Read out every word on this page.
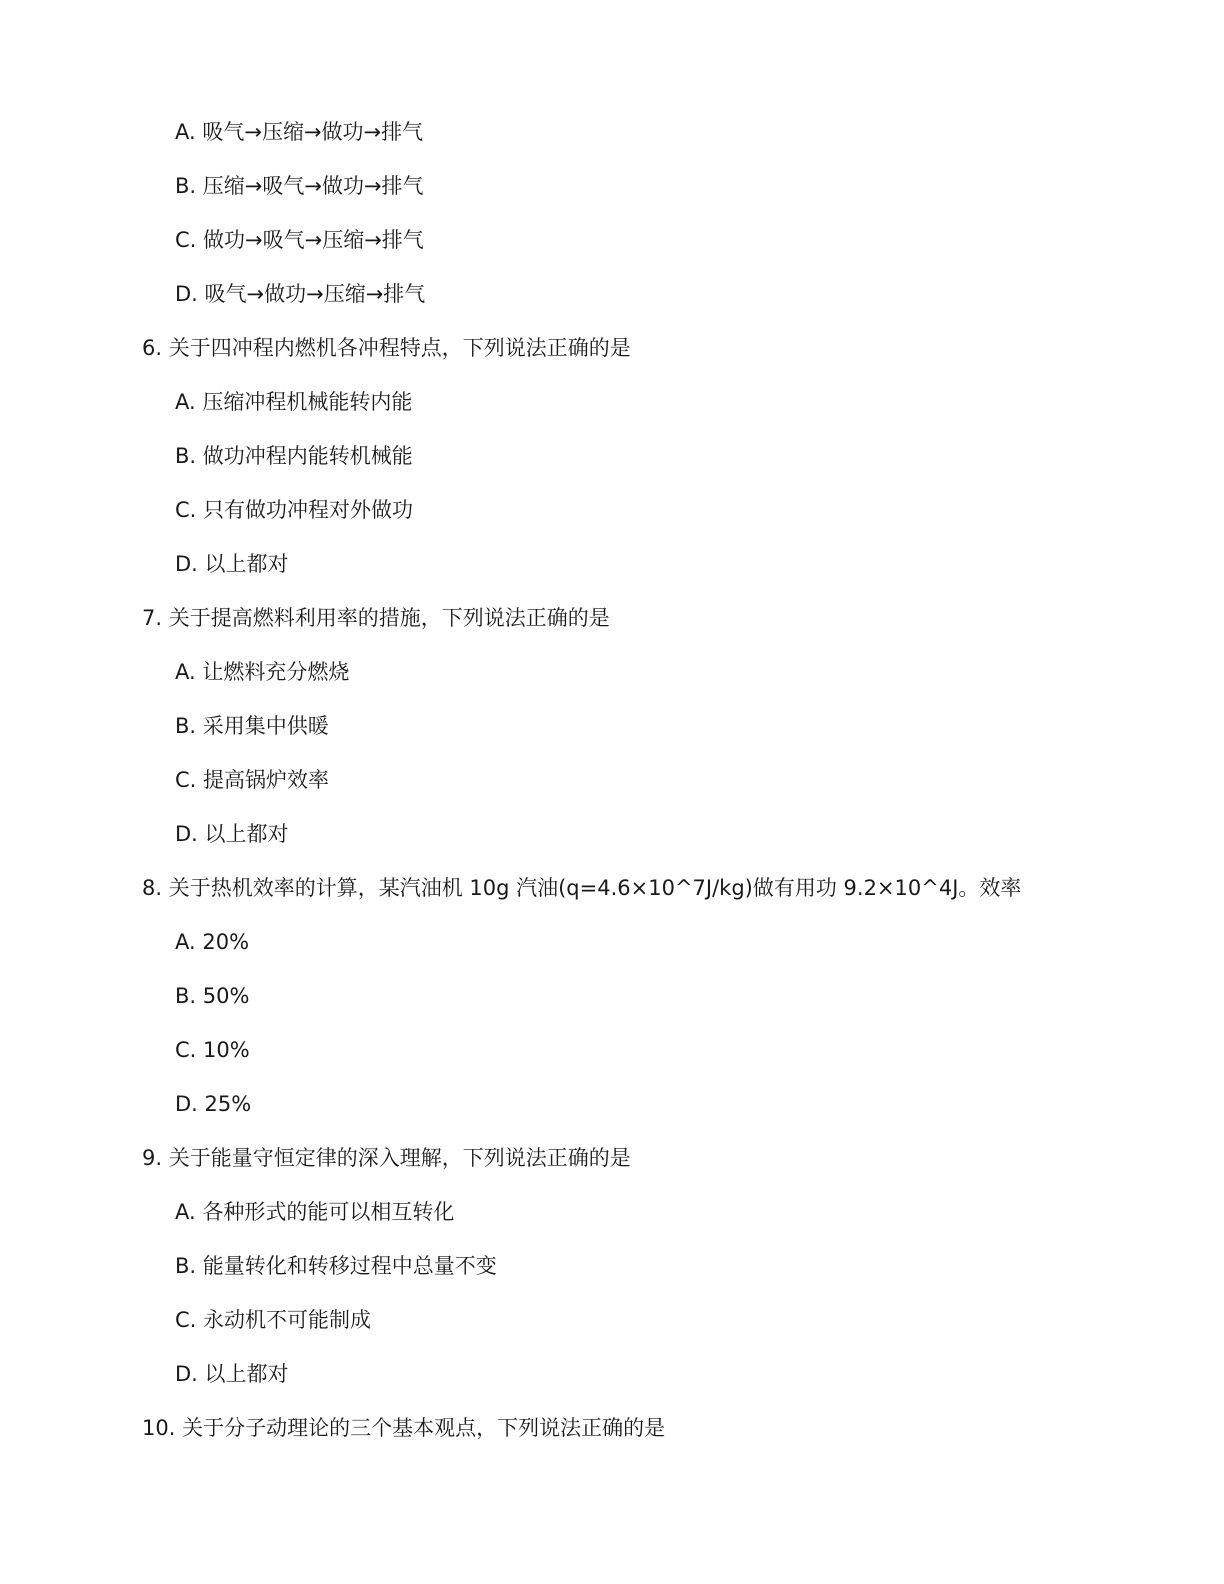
A. 吸气→压缩→做功→排气
B. 压缩→吸气→做功→排气
C. 做功→吸气→压缩→排气
D. 吸气→做功→压缩→排气
6. 关于四冲程内燃机各冲程特点，下列说法正确的是
A. 压缩冲程机械能转内能
B. 做功冲程内能转机械能
C. 只有做功冲程对外做功
D. 以上都对
7. 关于提高燃料利用率的措施，下列说法正确的是
A. 让燃料充分燃烧
B. 采用集中供暖
C. 提高锅炉效率
D. 以上都对
8. 关于热机效率的计算，某汽油机 10g 汽油(q=4.6×10^7J/kg)做有用功 9.2×10^4J。效率
A. 20%
B. 50%
C. 10%
D. 25%
9. 关于能量守恒定律的深入理解，下列说法正确的是
A. 各种形式的能可以相互转化
B. 能量转化和转移过程中总量不变
C. 永动机不可能制成
D. 以上都对
10. 关于分子动理论的三个基本观点，下列说法正确的是
